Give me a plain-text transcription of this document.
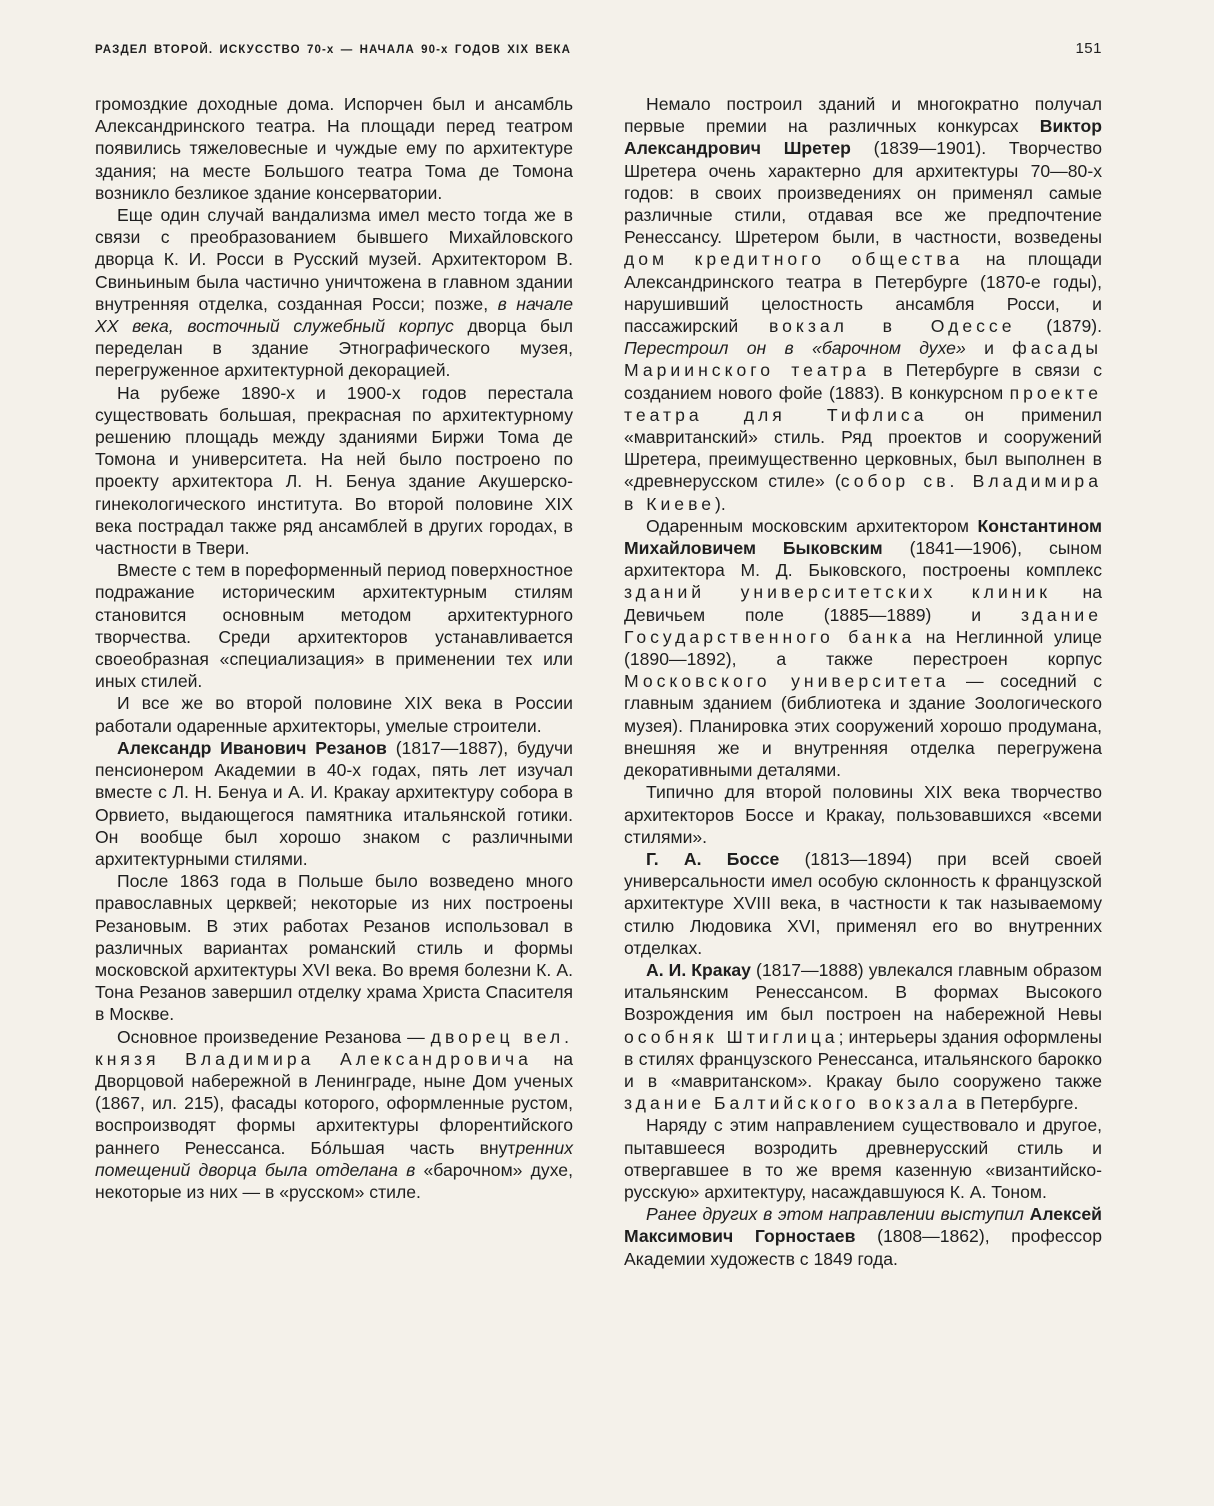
РАЗДЕЛ ВТОРОЙ. ИСКУССТВО 70-х — НАЧАЛА 90-х ГОДОВ XIX ВЕКА	151

громоздкие доходные дома. Испорчен был и ансамбль Александринского театра. На площади перед театром появились тяжеловесные и чуждые ему по архитектуре здания; на месте Большого театра Тома де Томона возникло безликое здание консерватории.

Еще один случай вандализма имел место тогда же в связи с преобразованием бывшего Михайловского дворца К. И. Росси в Русский музей. Архитектором В. Свиньиным была частично уничтожена в главном здании внутренняя отделка, созданная Росси; позже, в начале XX века, восточный служебный корпус дворца был переделан в здание Этнографического музея, перегруженное архитектурной декорацией.

На рубеже 1890-х и 1900-х годов перестала существовать большая, прекрасная по архитектурному решению площадь между зданиями Биржи Тома де Томона и университета. На ней было построено по проекту архитектора Л. Н. Бенуа здание Акушерско-гинекологического института. Во второй половине XIX века пострадал также ряд ансамблей в других городах, в частности в Твери.

Вместе с тем в пореформенный период поверхностное подражание историческим архитектурным стилям становится основным методом архитектурного творчества. Среди архитекторов устанавливается своеобразная «специализация» в применении тех или иных стилей.

И все же во второй половине XIX века в России работали одаренные архитекторы, умелые строители.

Александр Иванович Резанов (1817—1887), будучи пенсионером Академии в 40-х годах, пять лет изучал вместе с Л. Н. Бенуа и А. И. Кракау архитектуру собора в Орвието, выдающегося памятника итальянской готики. Он вообще был хорошо знаком с различными архитектурными стилями.

После 1863 года в Польше было возведено много православных церквей; некоторые из них построены Резановым. В этих работах Резанов использовал в различных вариантах романский стиль и формы московской архитектуры XVI века. Во время болезни К. А. Тона Резанов завершил отделку храма Христа Спасителя в Москве.

Основное произведение Резанова — дворец вел. князя Владимира Александровича на Дворцовой набережной в Ленинграде, ныне Дом ученых (1867, ил. 215), фасады которого, оформленные рустом, воспроизводят формы архитектуры флорентийского раннего Ренессанса. Бóльшая часть внутренних помещений дворца была отделана в «барочном» духе, некоторые из них — в «русском» стиле.

Немало построил зданий и многократно получал первые премии на различных конкурсах Виктор Александрович Шретер (1839—1901). Творчество Шретера очень характерно для архитектуры 70—80-х годов: в своих произведениях он применял самые различные стили, отдавая все же предпочтение Ренессансу. Шретером были, в частности, возведены дом кредитного общества на площади Александринского театра в Петербурге (1870-е годы), нарушивший целостность ансамбля Росси, и пассажирский вокзал в Одессе (1879). Перестроил он в «барочном духе» и фасады Мариинского театра в Петербурге в связи с созданием нового фойе (1883). В конкурсном проекте театра для Тифлиса он применил «мавританский» стиль. Ряд проектов и сооружений Шретера, преимущественно церковных, был выполнен в «древнерусском стиле» (собор св. Владимира в Киеве).

Одаренным московским архитектором Константином Михайловичем Быковским (1841—1906), сыном архитектора М. Д. Быковского, построены комплекс зданий университетских клиник на Девичьем поле (1885—1889) и здание Государственного банка на Неглинной улице (1890—1892), а также перестроен корпус Московского университета — соседний с главным зданием (библиотека и здание Зоологического музея). Планировка этих сооружений хорошо продумана, внешняя же и внутренняя отделка перегружена декоративными деталями.

Типично для второй половины XIX века творчество архитекторов Боссе и Кракау, пользовавшихся «всеми стилями».

Г. А. Боссе (1813—1894) при всей своей универсальности имел особую склонность к французской архитектуре XVIII века, в частности к так называемому стилю Людовика XVI, применял его во внутренних отделках.

А. И. Кракау (1817—1888) увлекался главным образом итальянским Ренессансом. В формах Высокого Возрождения им был построен на набережной Невы особняк Штиглица; интерьеры здания оформлены в стилях французского Ренессанса, итальянского барокко и в «мавританском». Кракау было сооружено также здание Балтийского вокзала в Петербурге.

Наряду с этим направлением существовало и другое, пытавшееся возродить древнерусский стиль и отвергавшее в то же время казенную «византийско-русскую» архитектуру, насаждавшуюся К. А. Тоном.

Ранее других в этом направлении выступил Алексей Максимович Горностаев (1808—1862), профессор Академии художеств с 1849 года.
